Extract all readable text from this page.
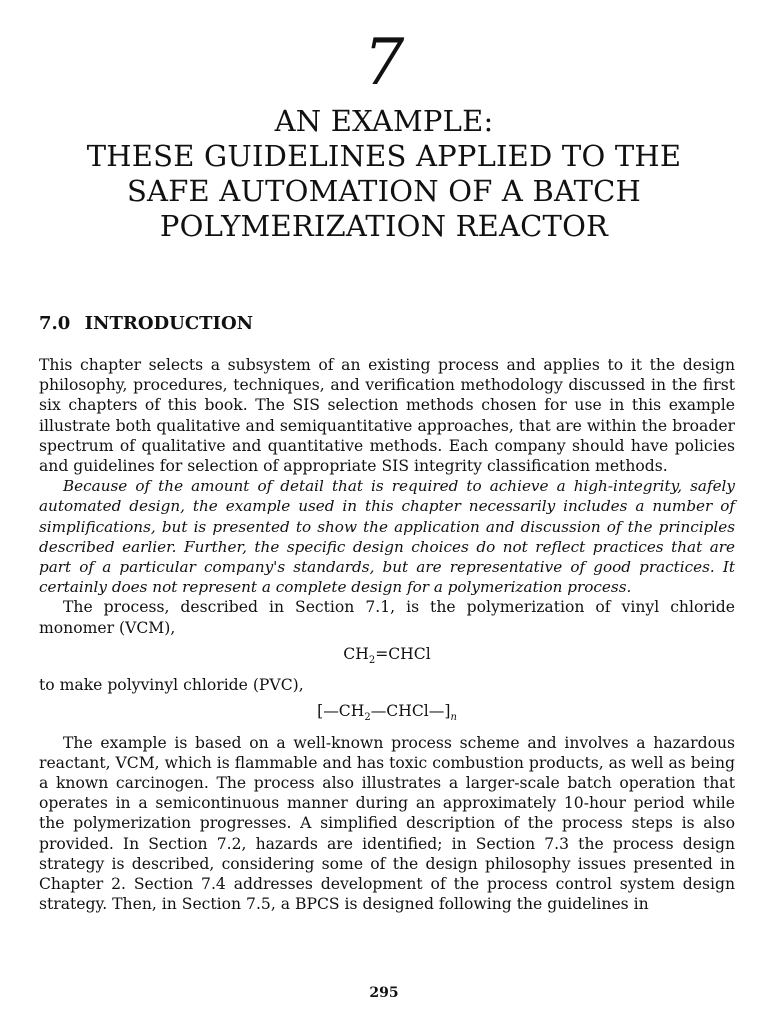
7
AN EXAMPLE:
THESE GUIDELINES APPLIED TO THE
SAFE AUTOMATION OF A BATCH
POLYMERIZATION REACTOR
7.0 INTRODUCTION

This chapter selects a subsystem of an existing process and applies to it the design philosophy, procedures, techniques, and verification methodology discussed in the first six chapters of this book. The SIS selection methods chosen for use in this example illustrate both qualitative and semiquantitative approaches, that are within the broader spectrum of qualitative and quantitative methods. Each company should have policies and guidelines for selection of appropriate SIS integrity classification methods.

Because of the amount of detail that is required to achieve a high-integrity, safely automated design, the example used in this chapter necessarily includes a number of simplifications, but is presented to show the application and discussion of the principles described earlier. Further, the specific design choices do not reflect practices that are part of a particular company's standards, but are representative of good practices. It certainly does not represent a complete design for a polymerization process.

The process, described in Section 7.1, is the polymerization of vinyl chloride monomer (VCM),

$CH_2=CHCl$

to make polyvinyl chloride (PVC),

$[—CH_2—CHCl—]_n$

The example is based on a well-known process scheme and involves a hazardous reactant, VCM, which is flammable and has toxic combustion products, as well as being a known carcinogen. The process also illustrates a larger-scale batch operation that operates in a semicontinuous manner during an approximately 10-hour period while the polymerization progresses. A simplified description of the process steps is also provided. In Section 7.2, hazards are identified; in Section 7.3 the process design strategy is described, considering some of the design philosophy issues presented in Chapter 2. Section 7.4 addresses development of the process control system design strategy. Then, in Section 7.5, a BPCS is designed following the guidelines in

295
